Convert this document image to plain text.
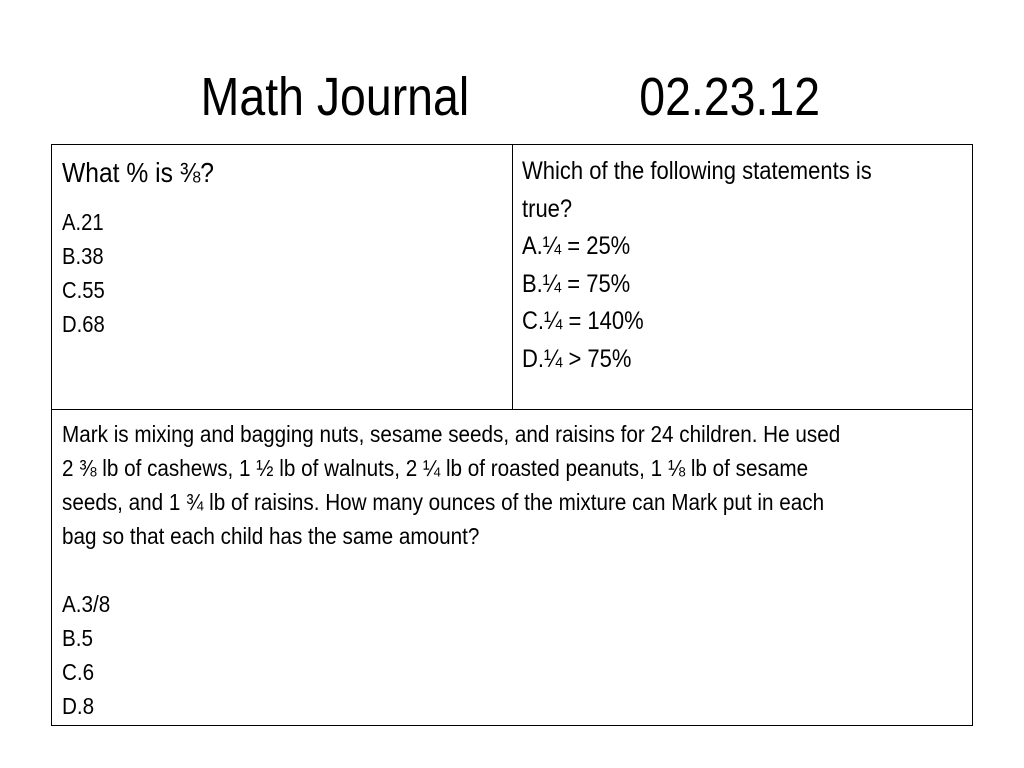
Math Journal	02.23.12
What % is ⅜?
A.21
B.38
C.55
D.68
Which of the following statements is
true?
A.¼ = 25%
B.¼ = 75%
C.¼ = 140%
D.¼ > 75%
Mark is mixing and bagging nuts, sesame seeds, and raisins for 24 children. He used
2 ⅜ lb of cashews, 1 ½ lb of walnuts, 2 ¼ lb of roasted peanuts, 1 ⅛ lb of sesame
seeds, and 1 ¾ lb of raisins. How many ounces of the mixture can Mark put in each
bag so that each child has the same amount?
A.3/8
B.5
C.6
D.8
